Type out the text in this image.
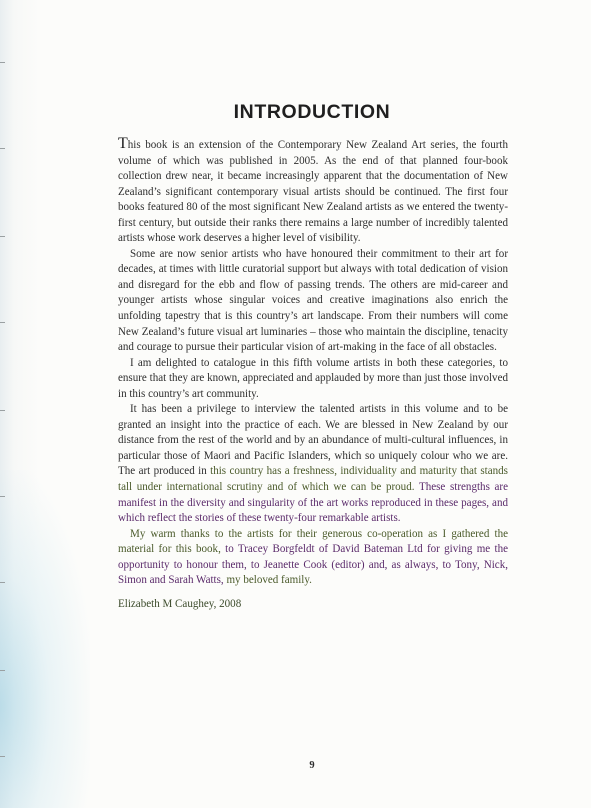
INTRODUCTION

This book is an extension of the Contemporary New Zealand Art series, the fourth volume of which was published in 2005. As the end of that planned four-book collection drew near, it became increasingly apparent that the documentation of New Zealand’s significant contemporary visual artists should be continued. The first four books featured 80 of the most significant New Zealand artists as we entered the twenty-first century, but outside their ranks there remains a large number of incredibly talented artists whose work deserves a higher level of visibility.

Some are now senior artists who have honoured their commitment to their art for decades, at times with little curatorial support but always with total dedication of vision and disregard for the ebb and flow of passing trends. The others are mid-career and younger artists whose singular voices and creative imaginations also enrich the unfolding tapestry that is this country’s art landscape. From their numbers will come New Zealand’s future visual art luminaries – those who maintain the discipline, tenacity and courage to pursue their particular vision of art-making in the face of all obstacles.

I am delighted to catalogue in this fifth volume artists in both these categories, to ensure that they are known, appreciated and applauded by more than just those involved in this country’s art community.

It has been a privilege to interview the talented artists in this volume and to be granted an insight into the practice of each. We are blessed in New Zealand by our distance from the rest of the world and by an abundance of multi-cultural influences, in particular those of Maori and Pacific Islanders, which so uniquely colour who we are. The art produced in this country has a freshness, individuality and maturity that stands tall under international scrutiny and of which we can be proud. These strengths are manifest in the diversity and singularity of the art works reproduced in these pages, and which reflect the stories of these twenty-four remarkable artists.

My warm thanks to the artists for their generous co-operation as I gathered the material for this book, to Tracey Borgfeldt of David Bateman Ltd for giving me the opportunity to honour them, to Jeanette Cook (editor) and, as always, to Tony, Nick, Simon and Sarah Watts, my beloved family.

Elizabeth M Caughey, 2008
9
